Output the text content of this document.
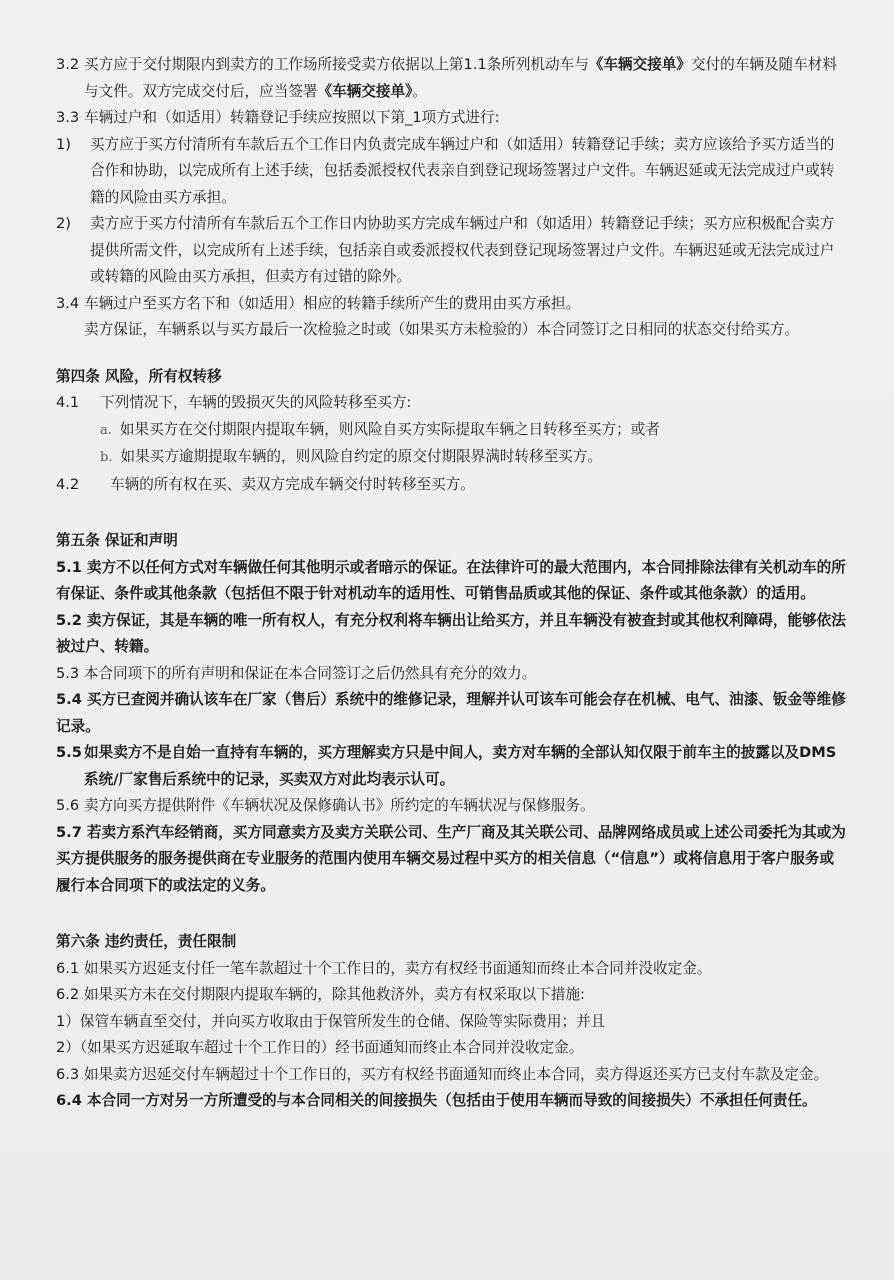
3.2 买方应于交付期限内到卖方的工作场所接受卖方依据以上第1.1条所列机动车与《车辆交接单》交付的车辆及随车材料与文件。双方完成交付后，应当签署《车辆交接单》。

3.3 车辆过户和（如适用）转籍登记手续应按照以下第_1项方式进行:

1) 买方应于买方付清所有车款后五个工作日内负责完成车辆过户和（如适用）转籍登记手续；卖方应该给予买方适当的合作和协助，以完成所有上述手续，包括委派授权代表亲自到登记现场签署过户文件。车辆迟延或无法完成过户或转籍的风险由买方承担。

2) 卖方应于买方付清所有车款后五个工作日内协助买方完成车辆过户和（如适用）转籍登记手续；买方应积极配合卖方提供所需文件，以完成所有上述手续，包括亲自或委派授权代表到登记现场签署过户文件。车辆迟延或无法完成过户或转籍的风险由买方承担，但卖方有过错的除外。

3.4 车辆过户至买方名下和（如适用）相应的转籍手续所产生的费用由买方承担。

卖方保证，车辆系以与买方最后一次检验之时或（如果买方未检验的）本合同签订之日相同的状态交付给买方。

第四条 风险，所有权转移

4.1 下列情况下，车辆的毁损灭失的风险转移至买方:

a. 如果买方在交付期限内提取车辆，则风险自买方实际提取车辆之日转移至买方；或者

b. 如果买方逾期提取车辆的，则风险自约定的原交付期限界满时转移至买方。

4.2 车辆的所有权在买、卖双方完成车辆交付时转移至买方。

第五条 保证和声明

5.1 卖方不以任何方式对车辆做任何其他明示或者暗示的保证。在法律许可的最大范围内，本合同排除法律有关机动车的所有保证、条件或其他条款（包括但不限于针对机动车的适用性、可销售品质或其他的保证、条件或其他条款）的适用。

5.2 卖方保证，其是车辆的唯一所有权人，有充分权利将车辆出让给买方，并且车辆没有被查封或其他权利障碍，能够依法被过户、转籍。

5.3 本合同项下的所有声明和保证在本合同签订之后仍然具有充分的效力。

5.4 买方已查阅并确认该车在厂家（售后）系统中的维修记录，理解并认可该车可能会存在机械、电气、油漆、钣金等维修记录。

5.5 如果卖方不是自始一直持有车辆的，买方理解卖方只是中间人，卖方对车辆的全部认知仅限于前车主的披露以及DMS系统/厂家售后系统中的记录，买卖双方对此均表示认可。

5.6 卖方向买方提供附件《车辆状况及保修确认书》所约定的车辆状况与保修服务。

5.7 若卖方系汽车经销商，买方同意卖方及卖方关联公司、生产厂商及其关联公司、品牌网络成员或上述公司委托为其或为买方提供服务的服务提供商在专业服务的范围内使用车辆交易过程中买方的相关信息（“信息”）或将信息用于客户服务或履行本合同项下的或法定的义务。

第六条 违约责任，责任限制

6.1 如果买方迟延支付任一笔车款超过十个工作日的，卖方有权经书面通知而终止本合同并没收定金。

6.2 如果买方未在交付期限内提取车辆的，除其他救济外，卖方有权采取以下措施:

1）保管车辆直至交付，并向买方收取由于保管所发生的仓储、保险等实际费用；并且

2）（如果买方迟延取车超过十个工作日的）经书面通知而终止本合同并没收定金。

6.3 如果卖方迟延交付车辆超过十个工作日的，买方有权经书面通知而终止本合同，卖方得返还买方已支付车款及定金。

6.4 本合同一方对另一方所遭受的与本合同相关的间接损失（包括由于使用车辆而导致的间接损失）不承担任何责任。
